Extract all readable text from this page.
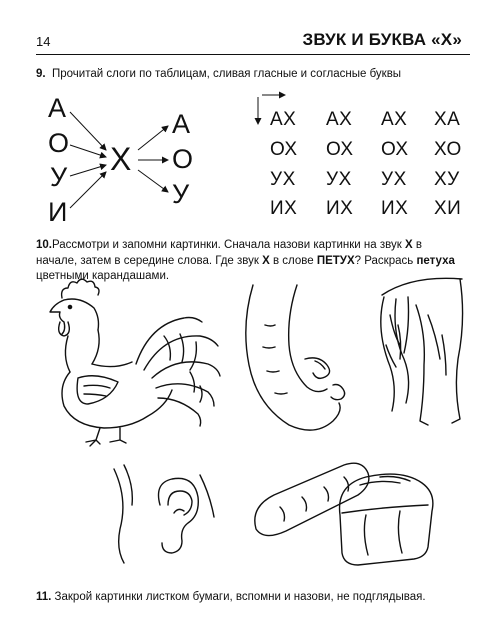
14	ЗВУК И БУКВА «Х»
9. Прочитай слоги по таблицам, сливая гласные и согласные буквы
А
О
У
И
Х
А
О
У
АХ АХ АХ ХА
ОХ ОХ ОХ ХО
УХ УХ УХ ХУ
ИХ ИХ ИХ ХИ
10.Рассмотри и запомни картинки. Сначала назови картинки на звук Х в начале, затем в середине слова. Где звук Х в слове ПЕТУХ? Раскрась петуха цветными карандашами.
11. Закрой картинки листком бумаги, вспомни и назови, не подглядывая.
